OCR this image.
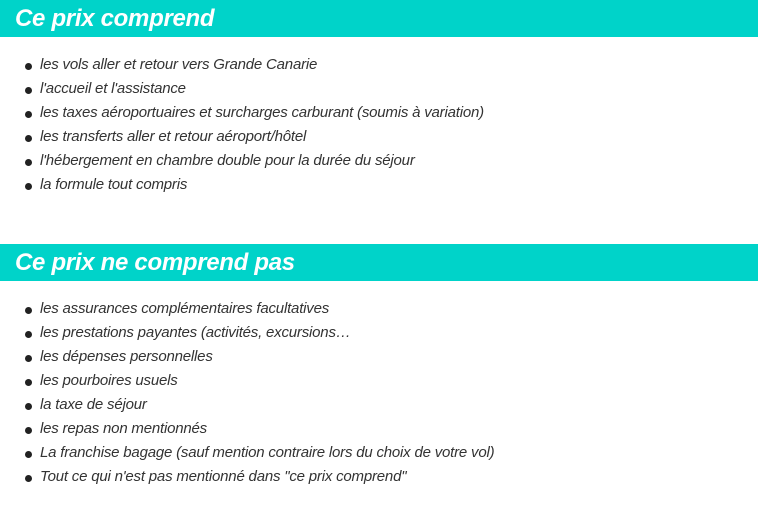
Ce prix comprend
les vols aller et retour vers Grande Canarie
l'accueil et l'assistance
les taxes aéroportuaires et surcharges carburant (soumis à variation)
les transferts aller et retour aéroport/hôtel
l'hébergement en chambre double pour la durée du séjour
la formule tout compris
Ce prix ne comprend pas
les assurances complémentaires facultatives
les prestations payantes (activités, excursions…
les dépenses personnelles
les pourboires usuels
la taxe de séjour
les repas non mentionnés
La franchise bagage (sauf mention contraire lors du choix de votre vol)
Tout ce qui n'est pas mentionné dans "ce prix comprend"
